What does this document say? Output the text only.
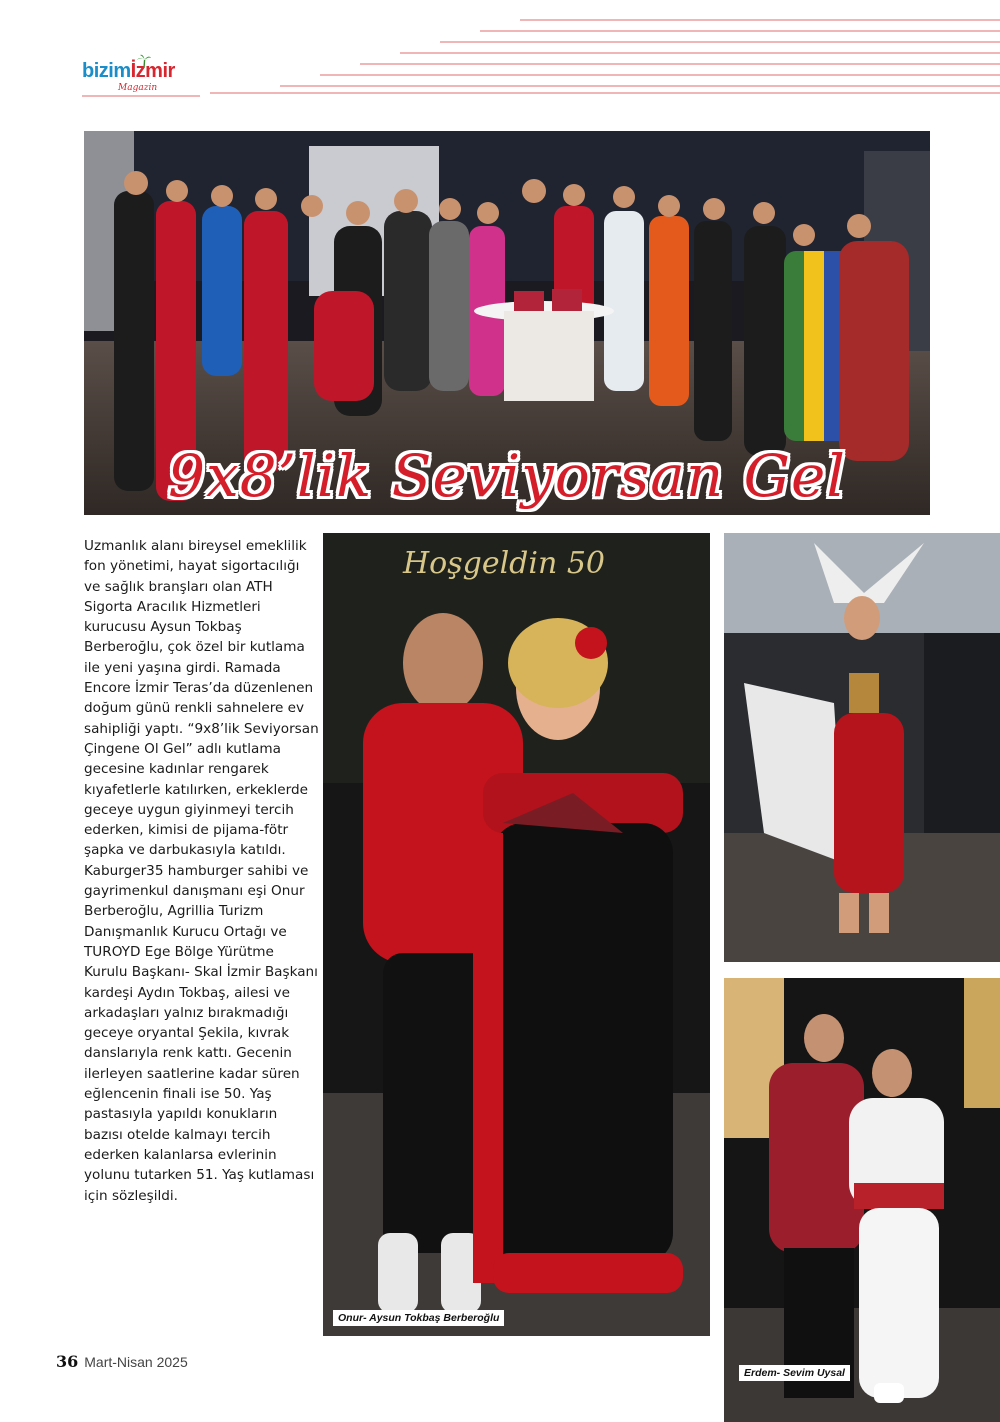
bizimİzmir
Magazin
9x8’lik Seviyorsan Gel
Hoşgeldin 50

Uzmanlık alanı bireysel emeklilik fon yönetimi, hayat sigortacılığı ve sağlık branşları olan ATH Sigorta Aracılık Hizmetleri kurucusu Aysun Tokbaş Berberoğlu, çok özel bir kutlama ile yeni yaşına girdi. Ramada Encore İzmir Teras’da düzenlenen doğum günü renkli sahnelere ev sahipliği yaptı. “9x8’lik Seviyorsan Çingene Ol Gel” adlı kutlama gecesine kadınlar rengarek kıyafetlerle katılırken, erkeklerde geceye uygun giyinmeyi tercih ederken, kimisi de pijama-fötr şapka ve darbukasıyla katıldı. Kaburger35 hamburger sahibi ve gayrimenkul danışmanı eşi Onur Berberoğlu, Agrillia Turizm Danışmanlık Kurucu Ortağı ve TUROYD Ege Bölge Yürütme Kurulu Başkanı- Skal İzmir Başkanı kardeşi Aydın Tokbaş, ailesi ve arkadaşları yalnız bırakmadığı geceye oryantal Şekila, kıvrak danslarıyla renk kattı. Gecenin ilerleyen saatlerine kadar süren eğlencenin finali ise 50. Yaş pastasıyla yapıldı konukların bazısı otelde kalmayı tercih ederken kalanlarsa evlerinin yolunu tutarken 51. Yaş kutlaması için sözleşildi.

Onur- Aysun Tokbaş Berberoğlu
Erdem- Sevim Uysal
36 Mart-Nisan 2025
